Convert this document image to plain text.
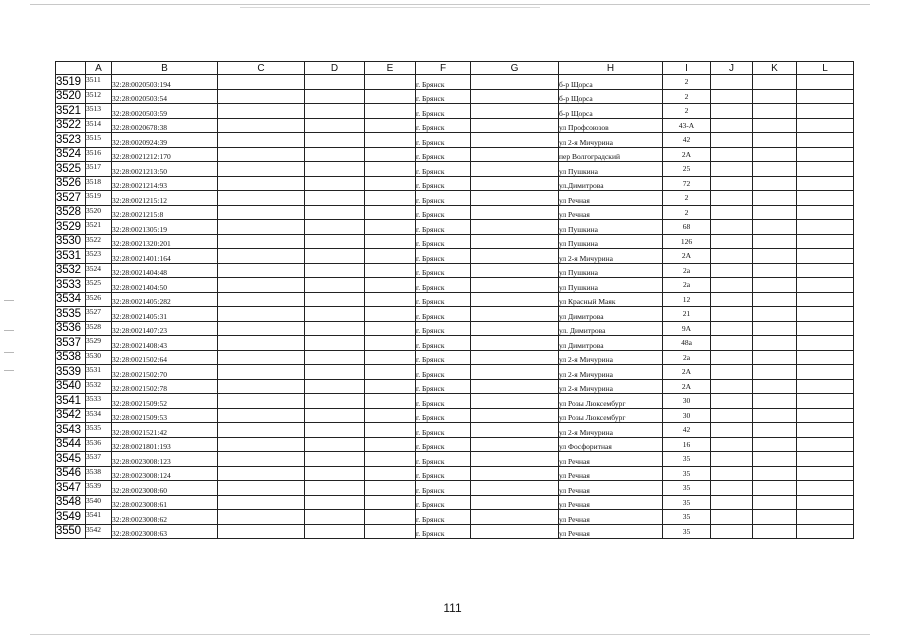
	A	B	C	D	E	F	G	H	I	J	K	L
3519	3511	32:28:0020503:194				г. Брянск		б-р Щорса	2			
3520	3512	32:28:0020503:54				г. Брянск		б-р Щорса	2			
3521	3513	32:28:0020503:59				г. Брянск		б-р Щорса	2			
3522	3514	32:28:0020678:38				г. Брянск		ул Профсоюзов	43-А			
3523	3515	32:28:0020924:39				г. Брянск		ул 2-я Мичурина	42			
3524	3516	32:28:0021212:170				г. Брянск		пер Волгоградский	2А			
3525	3517	32:28:0021213:50				г. Брянск		ул Пушкина	25			
3526	3518	32:28:0021214:93				г. Брянск		ул.Димитрова	72			
3527	3519	32:28:0021215:12				г. Брянск		ул Речная	2			
3528	3520	32:28:0021215:8				г. Брянск		ул Речная	2			
3529	3521	32:28:0021305:19				г. Брянск		ул Пушкина	68			
3530	3522	32:28:0021320:201				г. Брянск		ул Пушкина	126			
3531	3523	32:28:0021401:164				г. Брянск		ул 2-я Мичурина	2А			
3532	3524	32:28:0021404:48				г. Брянск		ул Пушкина	2а			
3533	3525	32:28:0021404:50				г. Брянск		ул Пушкина	2а			
3534	3526	32:28:0021405:282				г. Брянск		ул Красный Маяк	12			
3535	3527	32:28:0021405:31				г. Брянск		ул Димитрова	21			
3536	3528	32:28:0021407:23				г. Брянск		ул. Димитрова	9А			
3537	3529	32:28:0021408:43				г. Брянск		ул Димитрова	48а			
3538	3530	32:28:0021502:64				г. Брянск		ул 2-я Мичурина	2а			
3539	3531	32:28:0021502:70				г. Брянск		ул 2-я Мичурина	2А			
3540	3532	32:28:0021502:78				г. Брянск		ул 2-я Мичурина	2А			
3541	3533	32:28:0021509:52				г. Брянск		ул Розы Люксембург	30			
3542	3534	32:28:0021509:53				г. Брянск		ул Розы Люксембург	30			
3543	3535	32:28:0021521:42				г. Брянск		ул 2-я Мичурина	42			
3544	3536	32:28:0021801:193				г. Брянск		ул Фосфоритная	16			
3545	3537	32:28:0023008:123				г. Брянск		ул Речная	35			
3546	3538	32:28:0023008:124				г. Брянск		ул Речная	35			
3547	3539	32:28:0023008:60				г. Брянск		ул Речная	35			
3548	3540	32:28:0023008:61				г. Брянск		ул Речная	35			
3549	3541	32:28:0023008:62				г. Брянск		ул Речная	35			
3550	3542	32:28:0023008:63				г. Брянск		ул Речная	35			
111
